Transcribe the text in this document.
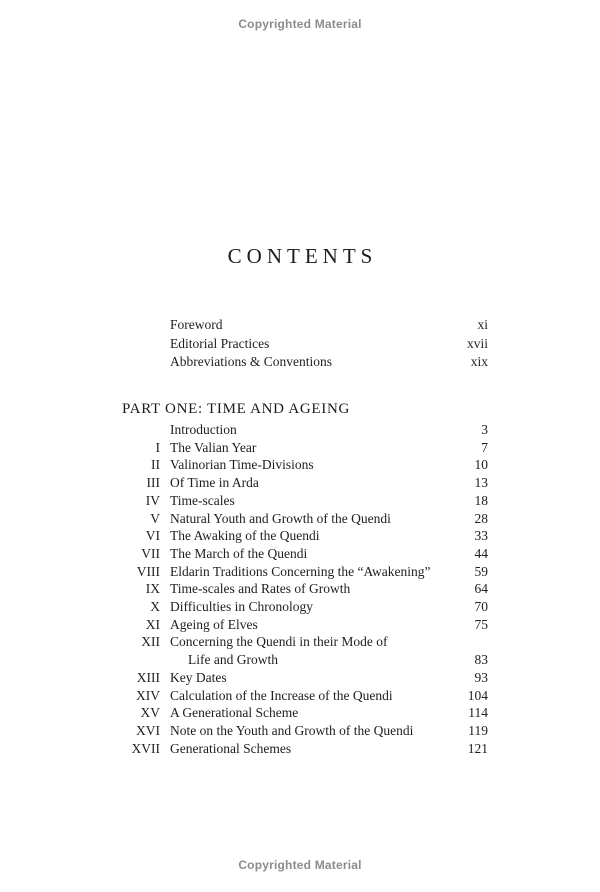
Copyrighted Material
CONTENTS
Foreword	xi
Editorial Practices	xvii
Abbreviations & Conventions	xix
PART ONE: TIME AND AGEING
Introduction	3
I The Valian Year	7
II Valinorian Time-Divisions	10
III Of Time in Arda	13
IV Time-scales	18
V Natural Youth and Growth of the Quendi	28
VI The Awaking of the Quendi	33
VII The March of the Quendi	44
VIII Eldarin Traditions Concerning the “Awakening”	59
IX Time-scales and Rates of Growth	64
X Difficulties in Chronology	70
XI Ageing of Elves	75
XII Concerning the Quendi in their Mode of
Life and Growth	83
XIII Key Dates	93
XIV Calculation of the Increase of the Quendi	104
XV A Generational Scheme	114
XVI Note on the Youth and Growth of the Quendi	119
XVII Generational Schemes	121
Copyrighted Material
